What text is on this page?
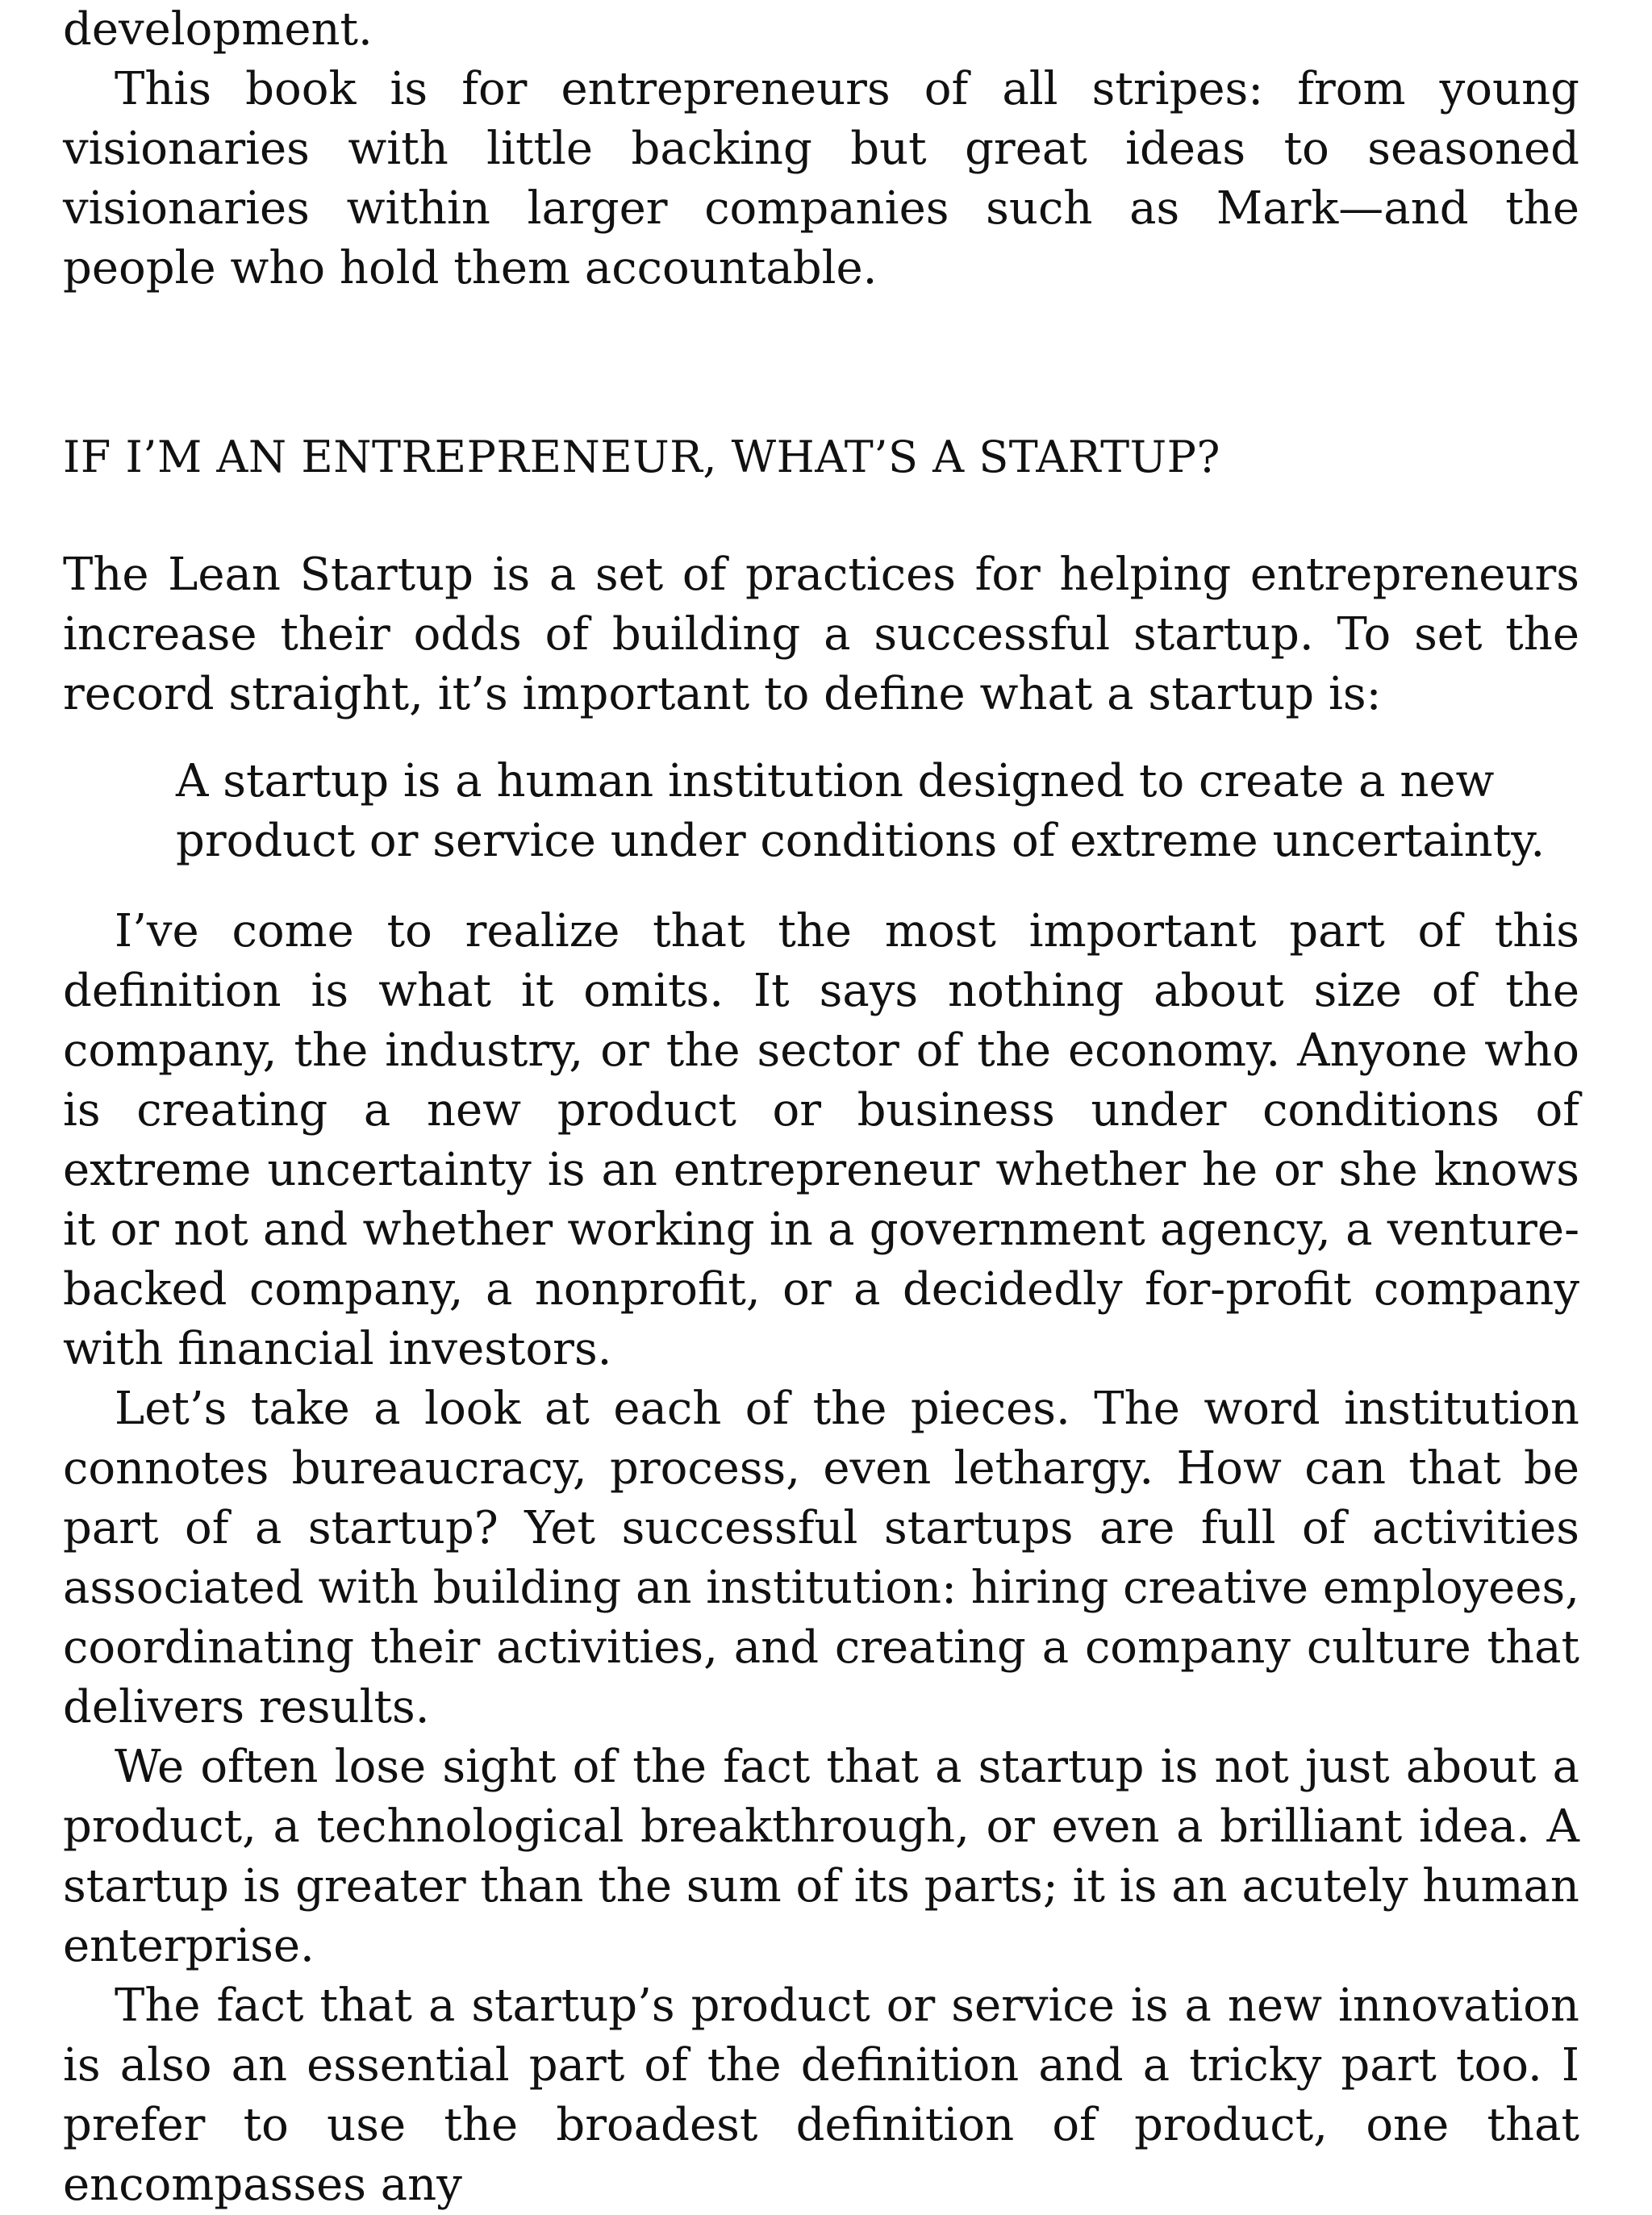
development.

This book is for entrepreneurs of all stripes: from young visionaries with little backing but great ideas to seasoned visionaries within larger companies such as Mark—and the people who hold them accountable.

IF I’M AN ENTREPRENEUR, WHAT’S A STARTUP?

The Lean Startup is a set of practices for helping entrepreneurs increase their odds of building a successful startup. To set the record straight, it’s important to define what a startup is:

A startup is a human institution designed to create a new product or service under conditions of extreme uncertainty.

I’ve come to realize that the most important part of this definition is what it omits. It says nothing about size of the company, the industry, or the sector of the economy. Anyone who is creating a new product or business under conditions of extreme uncertainty is an entrepreneur whether he or she knows it or not and whether working in a government agency, a venture-backed company, a nonprofit, or a decidedly for-profit company with financial investors.

Let’s take a look at each of the pieces. The word institution connotes bureaucracy, process, even lethargy. How can that be part of a startup? Yet successful startups are full of activities associated with building an institution: hiring creative employees, coordinating their activities, and creating a company culture that delivers results.

We often lose sight of the fact that a startup is not just about a product, a technological breakthrough, or even a brilliant idea. A startup is greater than the sum of its parts; it is an acutely human enterprise.

The fact that a startup’s product or service is a new innovation is also an essential part of the definition and a tricky part too. I prefer to use the broadest definition of product, one that encompasses any
